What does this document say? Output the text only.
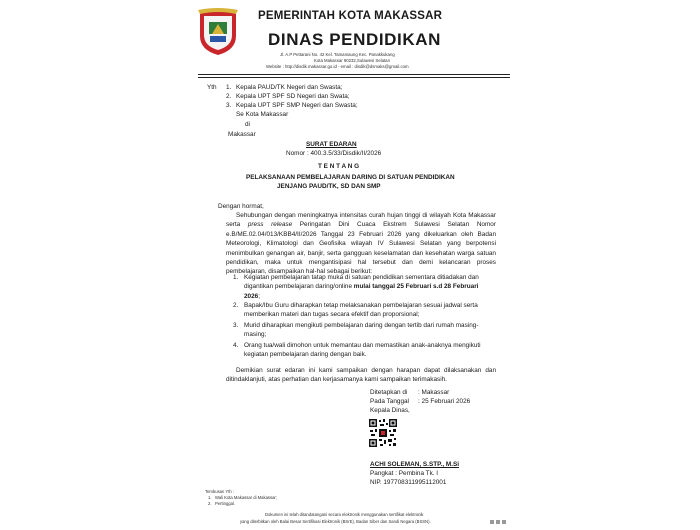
PEMERINTAH KOTA MAKASSAR
DINAS PENDIDIKAN
Jl. A.P Pettarani No. 42 Kel. Tamamaung Kec. Panakkukang
Kota Makassar 90232,Sulawesi Selatan
Website : http://disdik.makassar.go.id - email : disdik@dsmaks@gmail.com
Yth 1. Kepala PAUD/TK Negeri dan Swasta;
2. Kepala UPT SPF SD Negeri dan Swata;
3. Kepala UPT SPF SMP Negeri dan Swasta;
Se Kota Makassar
di
Makassar
SURAT EDARAN
Nomor : 400.3.5/33/Disdik/II/2026
T E N T A N G
PELAKSANAAN PEMBELAJARAN DARING DI SATUAN PENDIDIKAN
JENJANG PAUD/TK, SD DAN SMP
Dengan hormat,
Sehubungan dengan meningkatnya intensitas curah hujan tinggi di wilayah Kota Makassar serta press release Peringatan Dini Cuaca Ekstrem Sulawesi Selatan Nomor e.B/ME.02.04/013/KBB4/II/2026 Tanggal 23 Februari 2026 yang dikeluarkan oleh Badan Meteorologi, Klimatologi dan Geofisika wilayah IV Sulawesi Selatan yang berpotensi menimbulkan genangan air, banjir, serta gangguan keselamatan dan kesehatan warga satuan pendidikan, maka untuk mengantisipasi hal tersebut dan demi kelancaran proses pembelajaran, disampaikan hal-hal sebagai berikut:
1. Kegiatan pembelajaran tatap muka di satuan pendidikan sementara ditiadakan dan digantikan pembelajaran daring/online mulai tanggal 25 Februari s.d 28 Februari 2026;
2. Bapak/Ibu Guru diharapkan tetap melaksanakan pembelajaran sesuai jadwal serta memberikan materi dan tugas secara efektif dan proporsional;
3. Murid diharapkan mengikuti pembelajaran daring dengan tertib dari rumah masing-masing;
4. Orang tua/wali dimohon untuk memantau dan memastikan anak-anaknya mengikuti kegiatan pembelajaran daring dengan baik.
Demikian surat edaran ini kami sampaikan dengan harapan dapat dilaksanakan dan ditindaklanjuti, atas perhatian dan kerjasamanya kami sampaikan terimakasih.
Ditetapkan di : Makassar
Pada Tanggal : 25 Februari 2026
Kepala Dinas,
ACHI SOLEMAN, S.STP., M.Si
Pangkat : Pembina Tk. I
NIP. 197708311995112001
Tembusan Yth :
1. Wali Kota Makassar di Makassar;
2. Pertinggal.
Dokumen ini telah ditandatangani secara elektronik menggunakan sertifikat elektronik
yang diterbitkan oleh Balai Besar Sertifikasi Elektronik (BSrE), Badan Siber dan Sandi Negara (BSSN).
